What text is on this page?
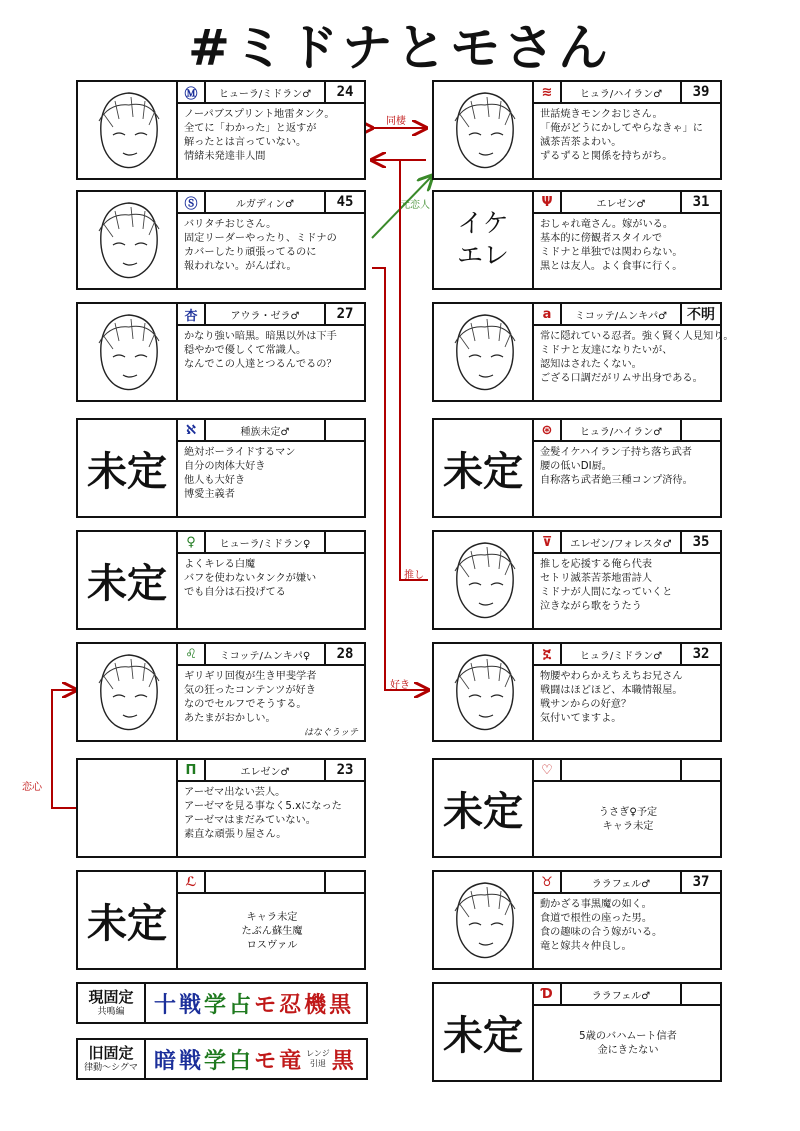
#ミドナとモさん
同棲
元恋人
推し
好き
恋心
Ⓜ	ヒューラ/ミドラン♂	24
ノーパブスプリント地雷タンク。
全てに「わかった」と返すが
解ったとは言っていない。
情緒未発達非人間
Ⓢ	ルガディン♂	45
バリタチおじさん。
固定リーダーやったり、ミドナの
カバーしたり頑張ってるのに
報われない。がんばれ。
杏	アウラ・ゼラ♂	27
かなり強い暗黒。暗黒以外は下手
穏やかで優しくて常識人。
なんでこの人達とつるんでるの？
未定
ℵ	種族未定♂
絶対ボーライドするマン
自分の肉体大好き
他人も大好き
博愛主義者
未定
♀	ヒューラ/ミドラン♀
よくキレる白魔
バフを使わないタンクが嫌い
でも自分は石投げてる
♌	ミコッテ/ムンキパ♀	28
ギリギリ回復が生き甲斐学者
気の狂ったコンテンツが好き
なのでセルフでそうする。
あたまがおかしい。
はなぐうッテ
Π	エレゼン♂	23
アーゼマ出ない芸人。
アーゼマを見る事なく5.xになった
アーゼマはまだみていない。
素直な頑張り屋さん。
未定
ℒ
キャラ未定
たぶん蘇生魔
ロスヴァル
≋	ヒュラ/ハイラン♂	39
世話焼きモンクおじさん。
「俺がどうにかしてやらなきゃ」に
滅茶苦茶よわい。
ずるずると関係を持ちがち。
イケ
エレ
Ψ	エレゼン♂	31
おしゃれ竜さん。嫁がいる。
基本的に傍観者スタイルで
ミドナと単独では関わらない。
黒とは友人。よく食事に行く。
a	ミコッテ/ムンキパ♂	不明
常に隠れている忍者。強く賢く人見知り。
ミドナと友達になりたいが、
認知はされたくない。
ござる口調だがリムサ出身である。
未定
⊛	ヒュラ/ハイラン♂
金髪イケハイラン子持ち落ち武者
腰の低いDI厨。
自称落ち武者絶三種コンプ済待。
⊽	エレゼン/フォレスタ♂	35
推しを応援する俺ら代表
セトリ滅茶苦茶地雷詩人
ミドナが人間になっていくと
泣きながら歌をうたう
ኟ	ヒュラ/ミドラン♂	32
物腰やわらかえちえちお兄さん
戦闘はほどほど、本職情報屋。
戦サンからの好意？
気付いてますよ。
未定
♡
うさぎ♀予定
キャラ未定
♉	ララフェル♂	37
動かざる事黒魔の如く。
食道で根性の座った男。
食の趣味の合う嫁がいる。
竜と嫁共々仲良し。
未定
Ɗ	ララフェル♂
5歳のバハムート信者
金にきたない
現固定
共鳴編 十 戦 学 占 モ 忍 機 黒
旧固定
律動〜シグマ 暗 戦 学 白 モ 竜 レンジ
引退 黒
